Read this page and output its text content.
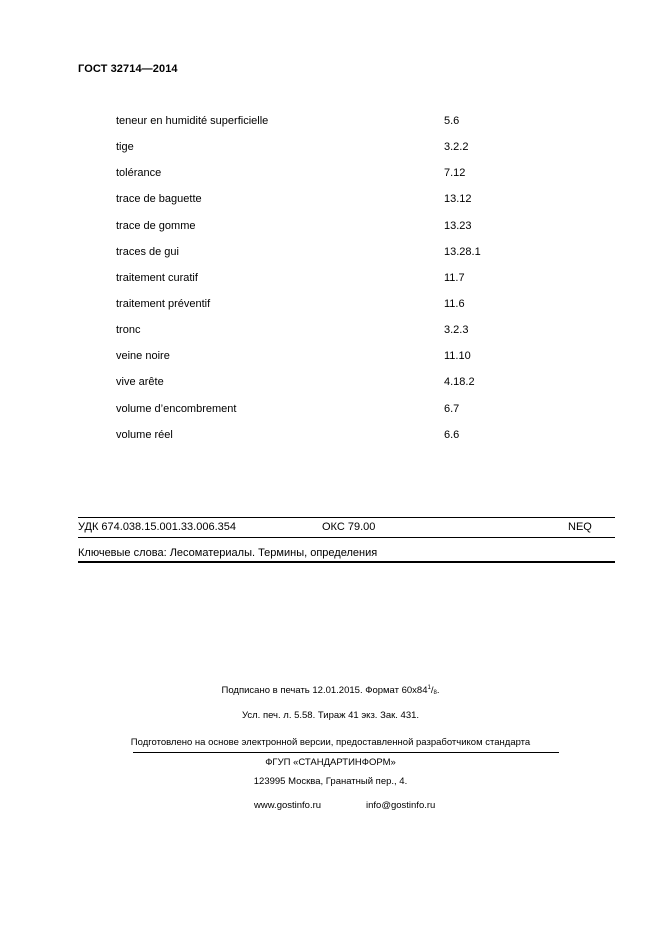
ГОСТ 32714—2014
teneur en humidité superficielle	5.6
tige	3.2.2
tolérance	7.12
trace de baguette	13.12
trace de gomme	13.23
traces de gui	13.28.1
traitement curatif	11.7
traitement préventif	11.6
tronc	3.2.3
veine noire	11.10
vive arête	4.18.2
volume d’encombrement	6.7
volume réel	6.6
УДК 674.038.15.001.33.006.354	ОКС 79.00	NEQ
Ключевые слова: Лесоматериалы. Термины, определения
Подписано в печать 12.01.2015. Формат $60x84^1/_8$.
Усл. печ. л. 5.58. Тираж 41 экз. Зак. 431.
Подготовлено на основе электронной версии, предоставленной разработчиком стандарта
ФГУП «СТАНДАРТИНФОРМ»
123995 Москва, Гранатный пер., 4.
www.gostinfo.ru	info@gostinfo.ru
